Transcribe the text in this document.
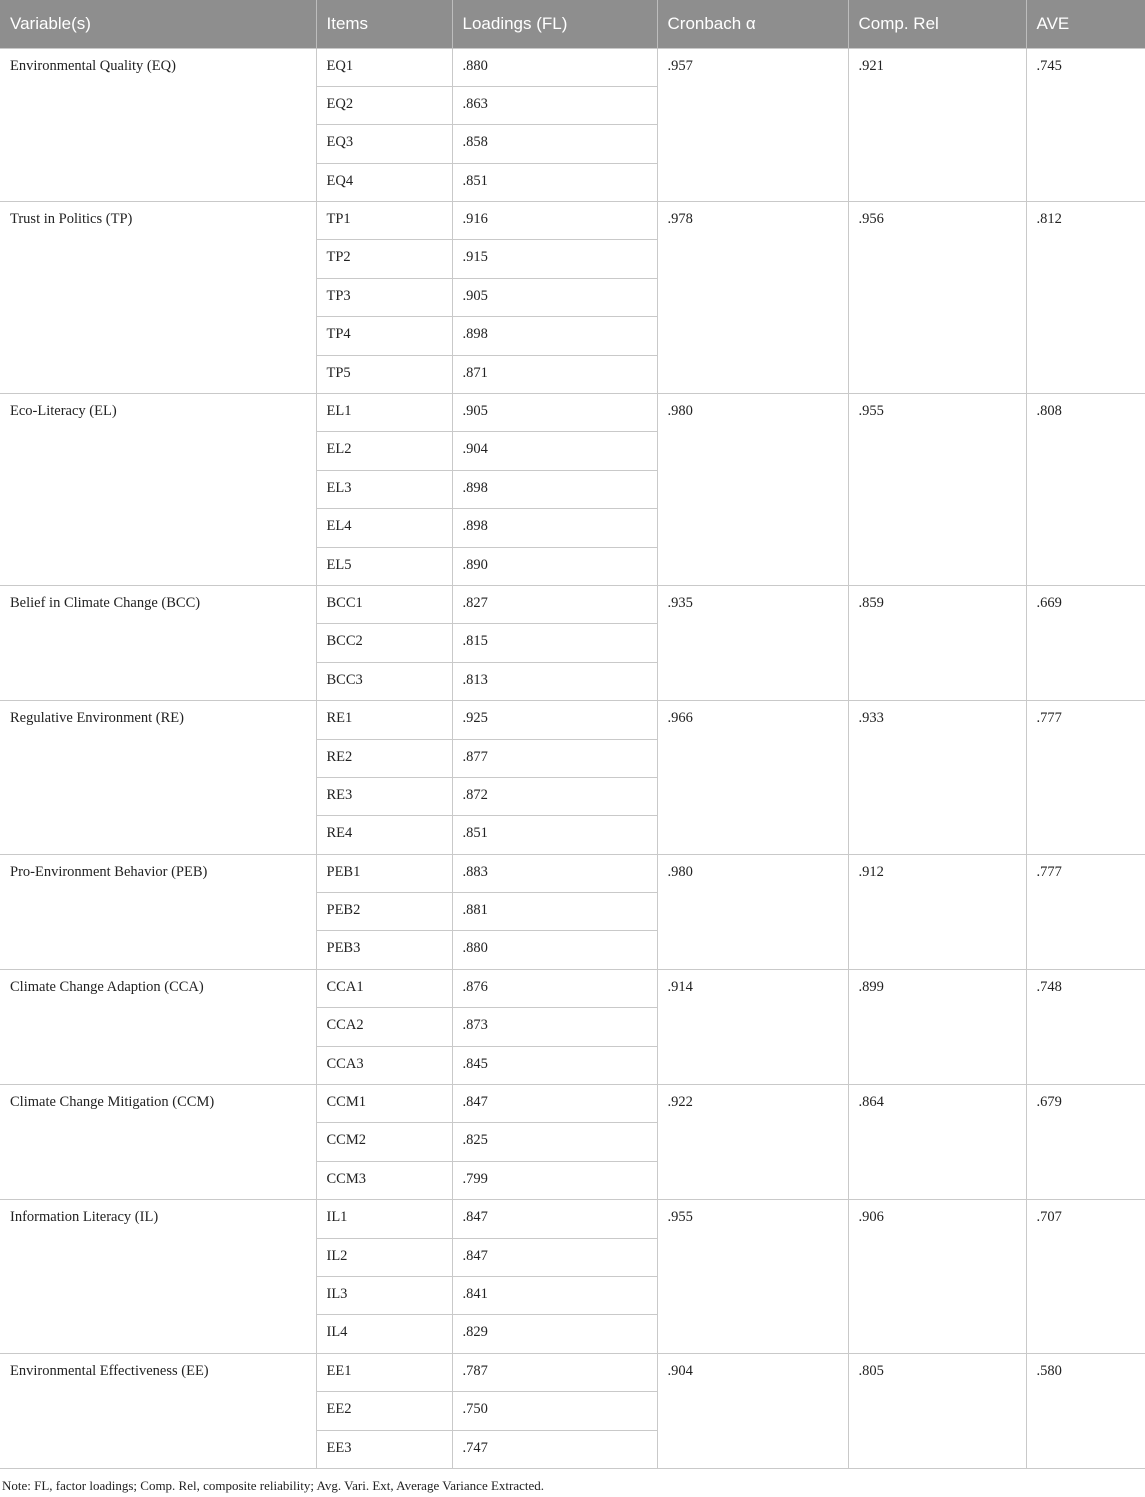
Variable(s)	Items	Loadings (FL)	Cronbach α	Comp. Rel	AVE
Environmental Quality (EQ)	EQ1	.880	.957	.921	.745
	EQ2	.863			
	EQ3	.858			
	EQ4	.851			
Trust in Politics (TP)	TP1	.916	.978	.956	.812
	TP2	.915			
	TP3	.905			
	TP4	.898			
	TP5	.871			
Eco-Literacy (EL)	EL1	.905	.980	.955	.808
	EL2	.904			
	EL3	.898			
	EL4	.898			
	EL5	.890			
Belief in Climate Change (BCC)	BCC1	.827	.935	.859	.669
	BCC2	.815			
	BCC3	.813			
Regulative Environment (RE)	RE1	.925	.966	.933	.777
	RE2	.877			
	RE3	.872			
	RE4	.851			
Pro-Environment Behavior (PEB)	PEB1	.883	.980	.912	.777
	PEB2	.881			
	PEB3	.880			
Climate Change Adaption (CCA)	CCA1	.876	.914	.899	.748
	CCA2	.873			
	CCA3	.845			
Climate Change Mitigation (CCM)	CCM1	.847	.922	.864	.679
	CCM2	.825			
	CCM3	.799			
Information Literacy (IL)	IL1	.847	.955	.906	.707
	IL2	.847			
	IL3	.841			
	IL4	.829			
Environmental Effectiveness (EE)	EE1	.787	.904	.805	.580
	EE2	.750			
	EE3	.747			
Note: FL, factor loadings; Comp. Rel, composite reliability; Avg. Vari. Ext, Average Variance Extracted.
